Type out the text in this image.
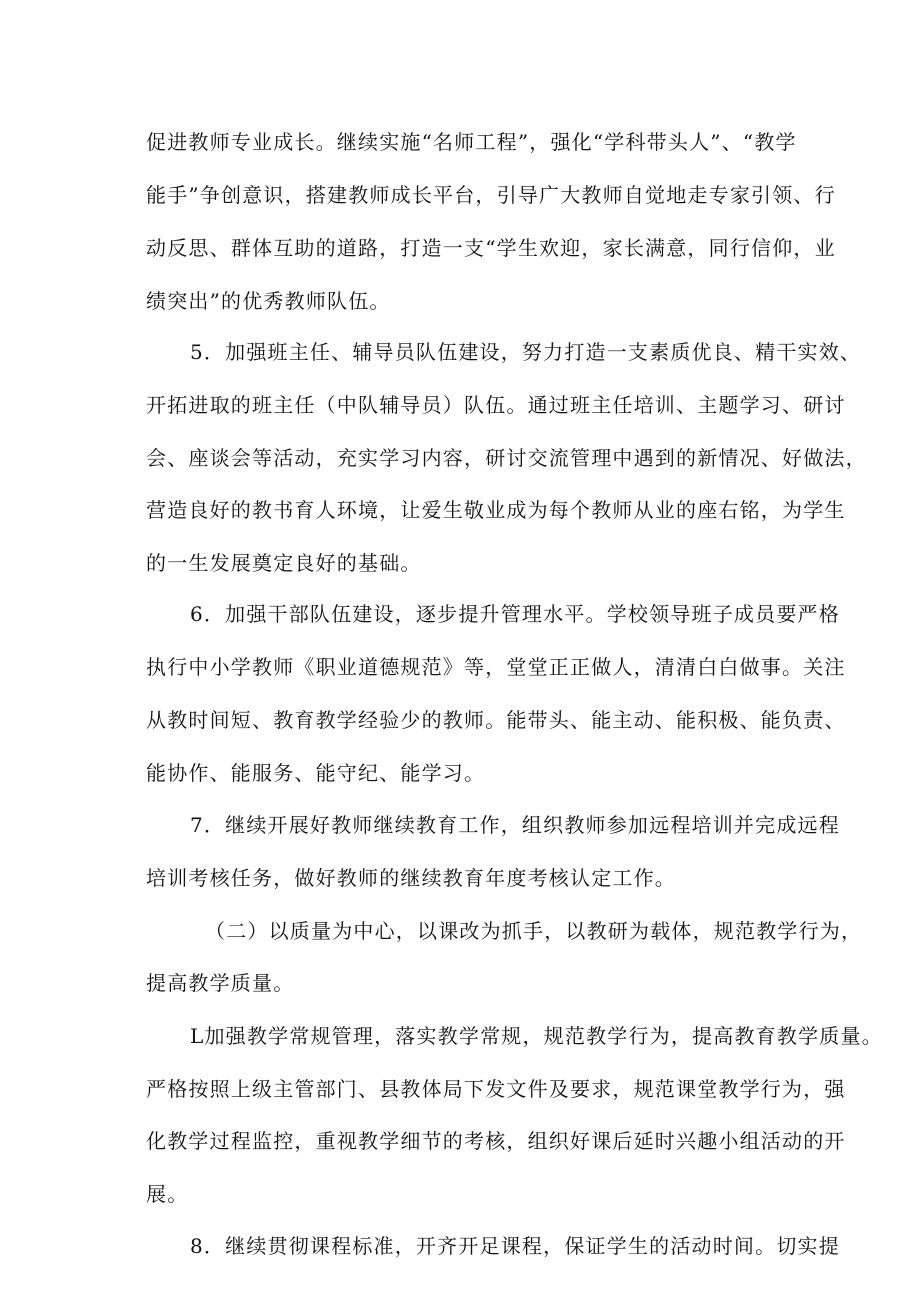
促进教师专业成长。继续实施“名师工程”，强化“学科带头人”、“教学
能手”争创意识，搭建教师成长平台，引导广大教师自觉地走专家引领、行
动反思、群体互助的道路，打造一支“学生欢迎，家长满意，同行信仰，业
绩突出”的优秀教师队伍。
5．加强班主任、辅导员队伍建设，努力打造一支素质优良、精干实效、
开拓进取的班主任（中队辅导员）队伍。通过班主任培训、主题学习、研讨
会、座谈会等活动，充实学习内容，研讨交流管理中遇到的新情况、好做法，
营造良好的教书育人环境，让爱生敬业成为每个教师从业的座右铭，为学生
的一生发展奠定良好的基础。
6．加强干部队伍建设，逐步提升管理水平。学校领导班子成员要严格
执行中小学教师《职业道德规范》等，堂堂正正做人，清清白白做事。关注
从教时间短、教育教学经验少的教师。能带头、能主动、能积极、能负责、
能协作、能服务、能守纪、能学习。
7．继续开展好教师继续教育工作，组织教师参加远程培训并完成远程
培训考核任务，做好教师的继续教育年度考核认定工作。
（二）以质量为中心，以课改为抓手，以教研为载体，规范教学行为，
提高教学质量。
L加强教学常规管理，落实教学常规，规范教学行为，提高教育教学质量。
严格按照上级主管部门、县教体局下发文件及要求，规范课堂教学行为，强
化教学过程监控，重视教学细节的考核，组织好课后延时兴趣小组活动的开
展。
8．继续贯彻课程标准，开齐开足课程，保证学生的活动时间。切实提
